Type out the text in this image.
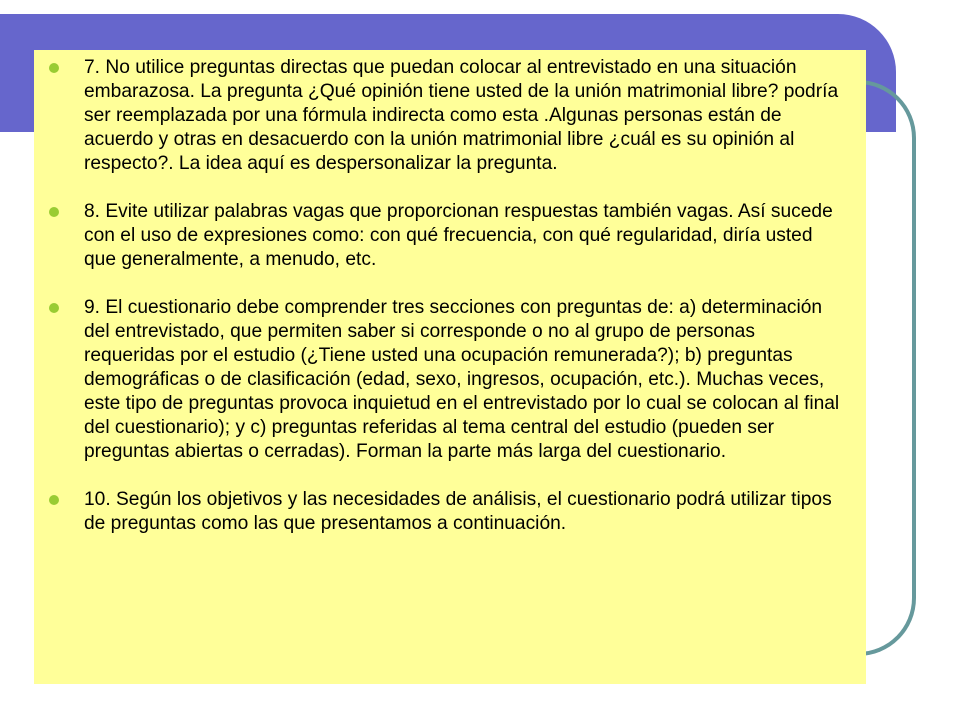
7. No utilice preguntas directas que puedan colocar al entrevistado en una situación embarazosa. La pregunta ¿Qué opinión tiene usted de la unión matrimonial libre? podría ser reemplazada por una fórmula indirecta como esta .Algunas personas están de acuerdo y otras en desacuerdo con la unión matrimonial libre ¿cuál es su opinión al respecto?. La idea aquí es despersonalizar la pregunta.
8. Evite utilizar palabras vagas que proporcionan respuestas también vagas. Así sucede con el uso de expresiones como: con qué frecuencia, con qué regularidad, diría usted que generalmente, a menudo, etc.
9. El cuestionario debe comprender tres secciones con preguntas de: a) determinación del entrevistado, que permiten saber si corresponde o no al grupo de personas requeridas por el estudio (¿Tiene usted una ocupación remunerada?); b) preguntas demográficas o de clasificación (edad, sexo, ingresos, ocupación, etc.). Muchas veces, este tipo de preguntas provoca inquietud en el entrevistado por lo cual se colocan al final del cuestionario); y c) preguntas referidas al tema central del estudio (pueden ser preguntas abiertas o cerradas). Forman la parte más larga del cuestionario.
10. Según los objetivos y las necesidades de análisis, el cuestionario podrá utilizar tipos de preguntas como las que presentamos a continuación.
